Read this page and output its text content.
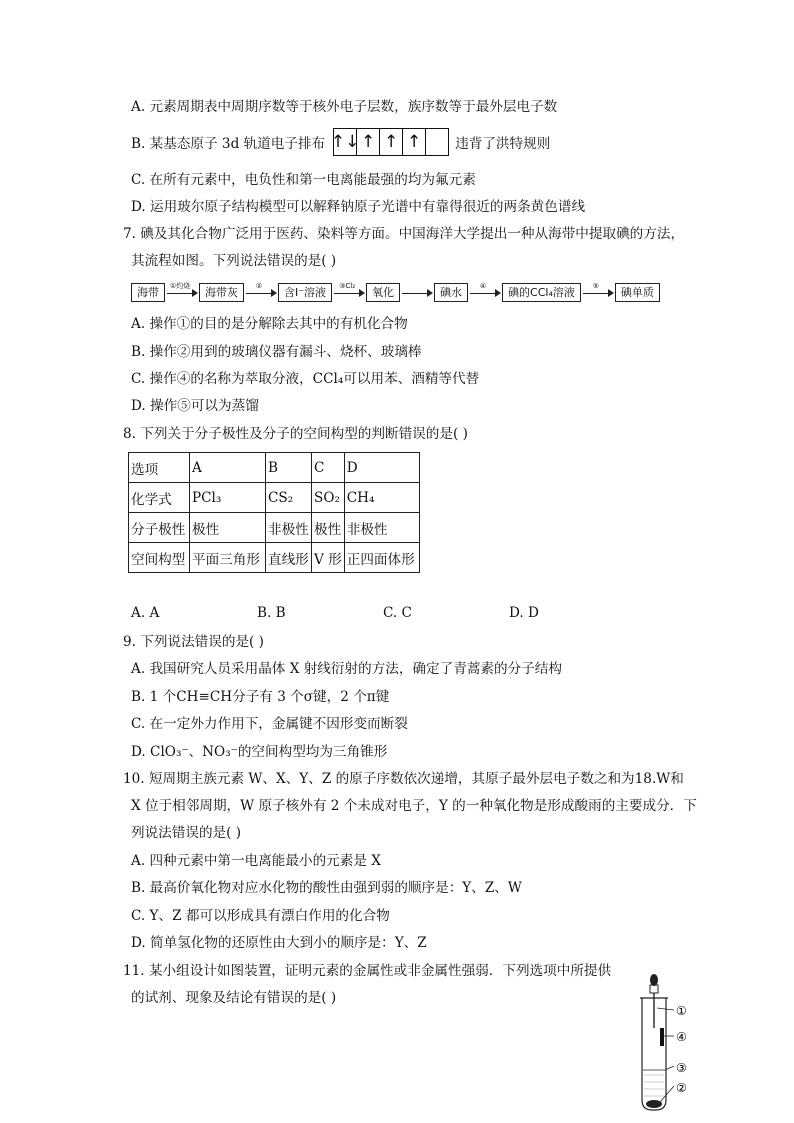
A. 元素周期表中周期序数等于核外电子层数，族序数等于最外层电子数
B. 某基态原子 3d 轨道电子排布 ↑↓ ↑ ↑ ↑	违背了洪特规则
C. 在所有元素中，电负性和第一电离能最强的均为氟元素
D. 运用玻尔原子结构模型可以解释钠原子光谱中有靠得很近的两条黄色谱线
7. 碘及其化合物广泛用于医药、染料等方面。中国海洋大学提出一种从海带中提取碘的方法，
其流程如图。下列说法错误的是( )
海带	①灼烧	海带灰	②	含I⁻溶液	③Cl₂	氧化	碘水	④	碘的CCl₄溶液	⑤	碘单质
A. 操作①的目的是分解除去其中的有机化合物
B. 操作②用到的玻璃仪器有漏斗、烧杯、玻璃棒
C. 操作④的名称为萃取分液，CCl₄可以用苯、酒精等代替
D. 操作⑤可以为蒸馏
8. 下列关于分子极性及分子的空间构型的判断错误的是( )
选项	A	B	C	D
化学式	PCl₃	CS₂	SO₂	CH₄
分子极性	极性	非极性	极性	非极性
空间构型	平面三角形	直线形	V 形	正四面体形
A. A	B. B	C. C	D. D
9. 下列说法错误的是( )
A. 我国研究人员采用晶体 X 射线衍射的方法，确定了青蒿素的分子结构
B. 1 个CH≡CH分子有 3 个σ键，2 个π键
C. 在一定外力作用下，金属键不因形变而断裂
D. ClO₃⁻、NO₃⁻的空间构型均为三角锥形
10. 短周期主族元素 W、X、Y、Z 的原子序数依次递增，其原子最外层电子数之和为18.W和
X 位于相邻周期，W 原子核外有 2 个未成对电子，Y 的一种氧化物是形成酸雨的主要成分．下
列说法错误的是( )
A. 四种元素中第一电离能最小的元素是 X
B. 最高价氧化物对应水化物的酸性由强到弱的顺序是：Y、Z、W
C. Y、Z 都可以形成具有漂白作用的化合物
D. 简单氢化物的还原性由大到小的顺序是：Y、Z
11. 某小组设计如图装置，证明元素的金属性或非金属性强弱．下列选项中所提供
的试剂、现象及结论有错误的是( )
①
④
③
②
